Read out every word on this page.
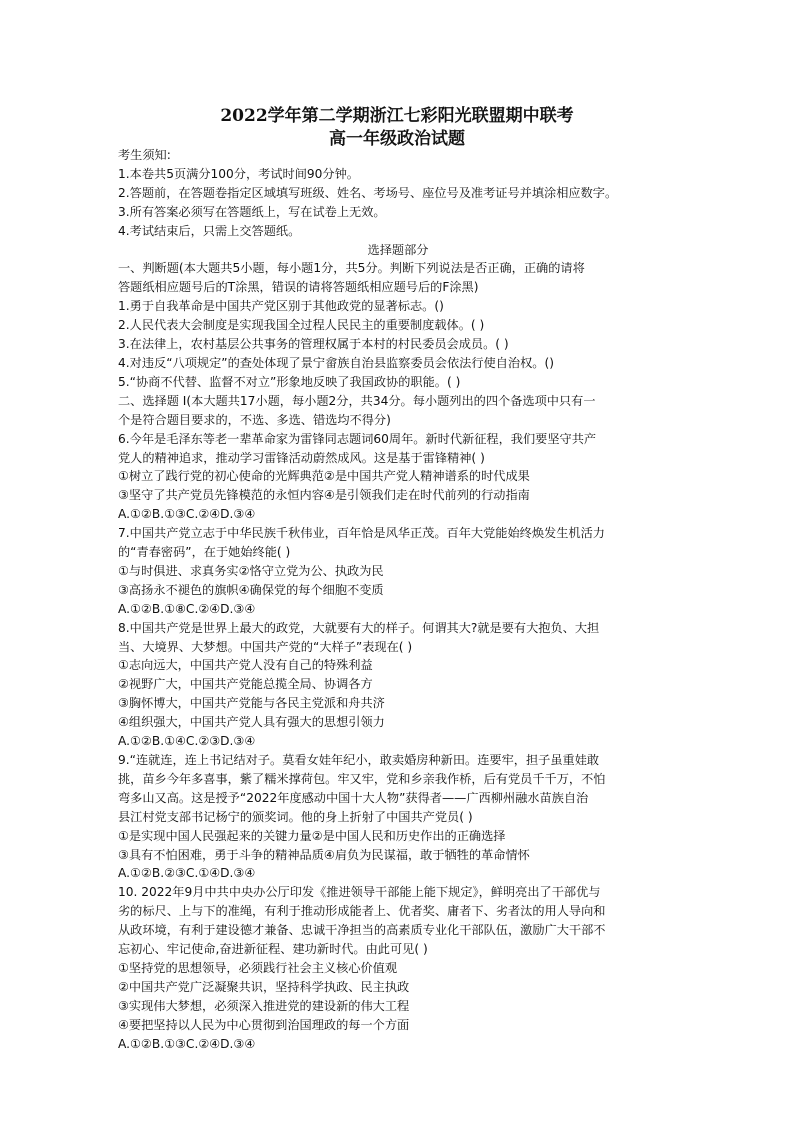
2022学年第二学期浙江七彩阳光联盟期中联考
高一年级政治试题

考生须知:

1.本卷共5页满分100分，考试时间90分钟。

2.答题前，在答题卷指定区域填写班级、姓名、考场号、座位号及准考证号并填涂相应数字。

3.所有答案必须写在答题纸上，写在试卷上无效。

4.考试结束后，只需上交答题纸。

选择题部分

一、判断题(本大题共5小题，每小题1分，共5分。判断下列说法是否正确，正确的请将

答题纸相应题号后的T涂黑，错误的请将答题纸相应题号后的F涂黑)

1.勇于自我革命是中国共产党区别于其他政党的显著标志。()

2.人民代表大会制度是实现我国全过程人民民主的重要制度载体。( )

3.在法律上，农村基层公共事务的管理权属于本村的村民委员会成员。( )

4.对违反“八项规定”的查处体现了景宁畲族自治县监察委员会依法行使自治权。()

5.“协商不代替、监督不对立”形象地反映了我国政协的职能。( )

二、选择题 I(本大题共17小题，每小题2分，共34分。每小题列出的四个备选项中只有一

个是符合题目要求的，不选、多选、错选均不得分)

6.今年是毛泽东等老一辈革命家为雷锋同志题词60周年。新时代新征程，我们要坚守共产

党人的精神追求，推动学习雷锋活动蔚然成风。这是基于雷锋精神( )

①树立了践行党的初心使命的光辉典范②是中国共产党人精神谱系的时代成果

③坚守了共产党员先锋模范的永恒内容④是引领我们走在时代前列的行动指南

A.①②B.①③C.②④D.③④

7.中国共产党立志于中华民族千秋伟业，百年恰是风华正茂。百年大党能始终焕发生机活力

的“青春密码”，在于她始终能( )

①与时俱进、求真务实②恪守立党为公、执政为民

③高扬永不褪色的旗帜④确保党的每个细胞不变质

A.①②B.①⑧C.②④D.③④

8.中国共产党是世界上最大的政党，大就要有大的样子。何谓其大?就是要有大抱负、大担

当、大境界、大梦想。中国共产党的“大样子”表现在( )

①志向远大，中国共产党人没有自己的特殊利益

②视野广大，中国共产党能总揽全局、协调各方

③胸怀博大，中国共产党能与各民主党派和舟共济

④组织强大，中国共产党人具有强大的思想引领力

A.①②B.①④C.②③D.③④

9.“连就连，连上书记结对子。莫看女娃年纪小，敢卖婚房种新田。连要牢，担子虽重娃敢

挑，苗乡今年多喜事，紫了糯米撑荷包。牢又牢，党和乡亲我作桥，后有党员千千万，不怕

弯多山又高。这是授予“2022年度感动中国十大人物”获得者——广西柳州融水苗族自治

县江村党支部书记杨宁的颁奖词。他的身上折射了中国共产党员( )

①是实现中国人民强起来的关键力量②是中国人民和历史作出的正确选择

③具有不怕困难，勇于斗争的精神品质④肩负为民谋福，敢于牺牲的革命情怀

A.①②B.②③C.①④D.③④

10. 2022年9月中共中央办公厅印发《推进领导干部能上能下规定》，鲜明亮出了干部优与

劣的标尺、上与下的准绳，有利于推动形成能者上、优者奖、庸者下、劣者汰的用人导向和

从政环境，有利于建设德才兼备、忠诚干净担当的高素质专业化干部队伍，激励广大干部不

忘初心、牢记使命,奋进新征程、建功新时代。由此可见( )

①坚持党的思想领导，必须践行社会主义核心价值观

②中国共产党广泛凝聚共识，坚持科学执政、民主执政

③实现伟大梦想，必须深入推进党的建设新的伟大工程

④要把坚持以人民为中心贯彻到治国理政的每一个方面

A.①②B.①③C.②④D.③④
